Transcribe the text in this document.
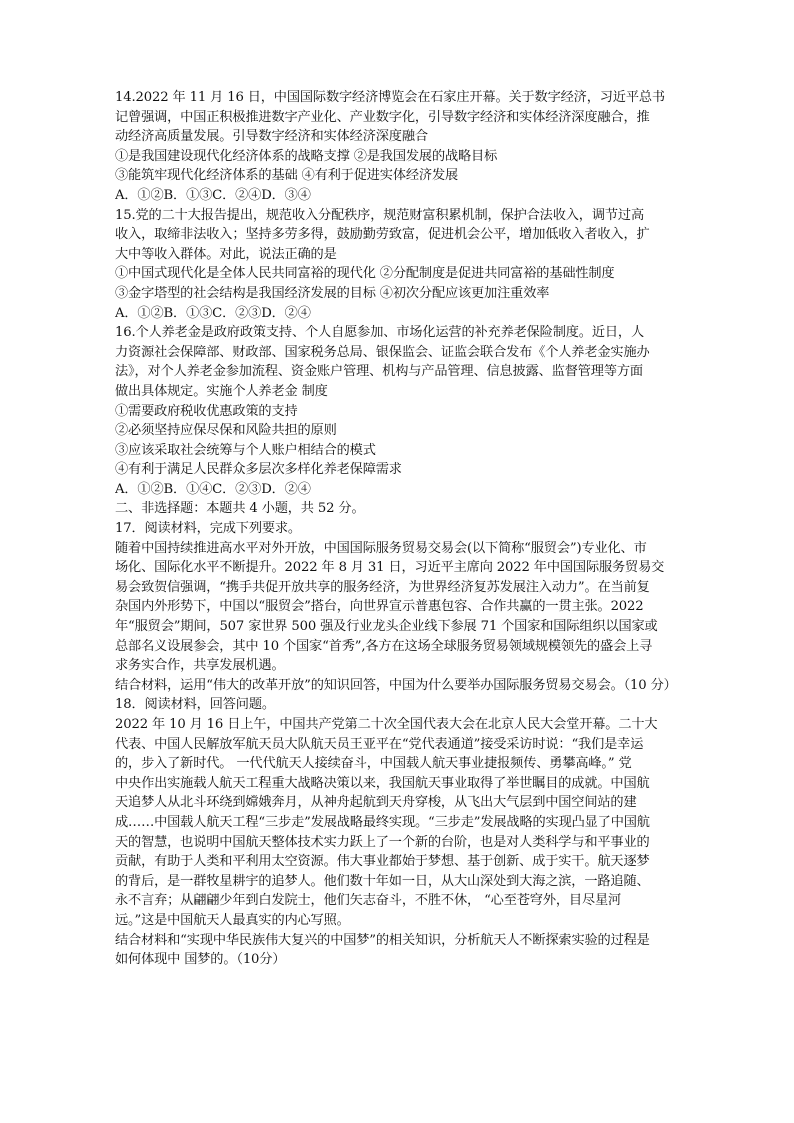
14.2022 年 11 月 16 日，中国国际数字经济博览会在石家庄开幕。关于数字经济，习近平总书
记曾强调，中国正积极推进数字产业化、产业数字化，引导数字经济和实体经济深度融合，推
动经济高质量发展。引导数字经济和实体经济深度融合
①是我国建设现代化经济体系的战略支撑 ②是我国发展的战略目标
③能筑牢现代化经济体系的基础 ④有利于促进实体经济发展
A．①②B．①③C．②④D．③④
15.党的二十大报告提出，规范收入分配秩序，规范财富积累机制，保护合法收入，调节过高
收入，取缔非法收入；坚持多劳多得，鼓励勤劳致富，促进机会公平，增加低收入者收入，扩
大中等收入群体。对此，说法正确的是
①中国式现代化是全体人民共同富裕的现代化 ②分配制度是促进共同富裕的基础性制度
③金字塔型的社会结构是我国经济发展的目标 ④初次分配应该更加注重效率
A．①②B．①③C．②③D．②④
16.个人养老金是政府政策支持、个人自愿参加、市场化运营的补充养老保险制度。近日，人
力资源社会保障部、财政部、国家税务总局、银保监会、证监会联合发布《个人养老金实施办
法》，对个人养老金参加流程、资金账户管理、机构与产品管理、信息披露、监督管理等方面
做出具体规定。实施个人养老金 制度
①需要政府税收优惠政策的支持
②必须坚持应保尽保和风险共担的原则
③应该采取社会统筹与个人账户相结合的模式
④有利于满足人民群众多层次多样化养老保障需求
A．①②B．①④C．②③D．②④
二、非选择题：本题共 4 小题，共 52 分。
17．阅读材料，完成下列要求。
随着中国持续推进高水平对外开放，中国国际服务贸易交易会(以下简称“服贸会”)专业化、市
场化、国际化水平不断提升。2022 年 8 月 31 日，习近平主席向 2022 年中国国际服务贸易交
易会致贺信强调，“携手共促开放共享的服务经济，为世界经济复苏发展注入动力”。在当前复
杂国内外形势下，中国以“服贸会”搭台，向世界宣示普惠包容、合作共赢的一贯主张。2022
年“服贸会”期间，507 家世界 500 强及行业龙头企业线下参展 71 个国家和国际组织以国家或
总部名义设展参会，其中 10 个国家“首秀”,各方在这场全球服务贸易领域规模领先的盛会上寻
求务实合作，共享发展机遇。
结合材料，运用“伟大的改革开放”的知识回答，中国为什么要举办国际服务贸易交易会。（10 分）
18．阅读材料，回答问题。
2022 年 10 月 16 日上午，中国共产党第二十次全国代表大会在北京人民大会堂开幕。二十大
代表、中国人民解放军航天员大队航天员王亚平在“党代表通道”接受采访时说：“我们是幸运
的，步入了新时代。 一代代航天人接续奋斗，中国载人航天事业捷报频传、勇攀高峰。” 党
中央作出实施载人航天工程重大战略决策以来，我国航天事业取得了举世瞩目的成就。中国航
天追梦人从北斗环绕到嫦娥奔月，从神舟起航到天舟穿梭，从飞出大气层到中国空间站的建
成……中国载人航天工程“三步走”发展战略最终实现。“三步走”发展战略的实现凸显了中国航
天的智慧，也说明中国航天整体技术实力跃上了一个新的台阶，也是对人类科学与和平事业的
贡献，有助于人类和平利用太空资源。伟大事业都始于梦想、基于创新、成于实干。航天逐梦
的背后，是一群牧星耕宇的追梦人。他们数十年如一日，从大山深处到大海之滨，一路追随、
永不言弃；从翩翩少年到白发院士，他们矢志奋斗，不胜不休， “心至苍穹外，目尽星河
远。”这是中国航天人最真实的内心写照。
结合材料和“实现中华民族伟大复兴的中国梦”的相关知识，分析航天人不断探索实验的过程是
如何体现中 国梦的。（10分）
